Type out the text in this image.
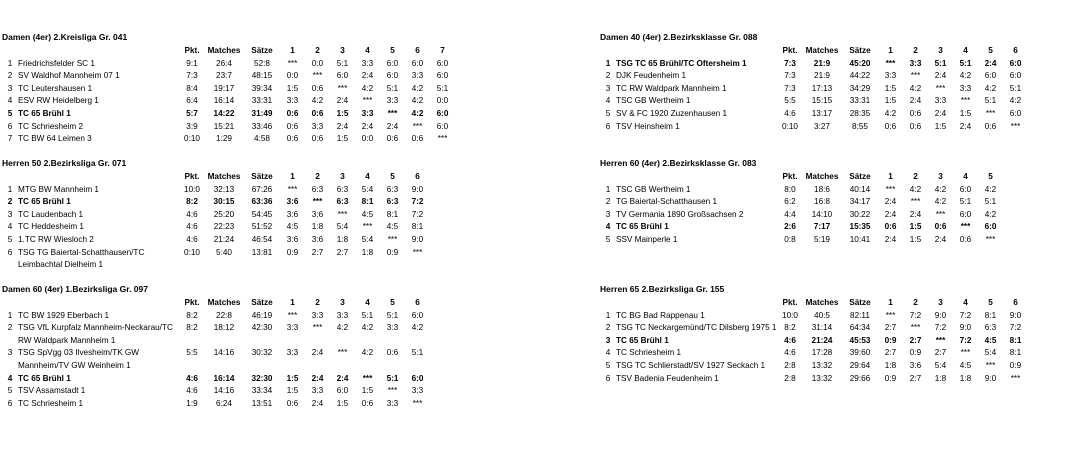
Damen (4er) 2.Kreisliga Gr. 041
		Pkt.	Matches	Sätze	1	2	3	4	5	6	7
1	Friedrichsfelder SC 1	9:1	26:4	52:8	***	0:0	5:1	3:3	6:0	6:0	6:0
2	SV Waldhof Mannheim 07 1	7:3	23:7	48:15	0:0	***	6:0	2:4	6:0	3:3	6:0
3	TC Leutershausen 1	8:4	19:17	39:34	1:5	0:6	***	4:2	5:1	4:2	5:1
4	ESV RW Heidelberg 1	6:4	16:14	33:31	3:3	4:2	2:4	***	3:3	4:2	0:0
5	TC 65 Brühl 1	5:7	14:22	31:49	0:6	0:6	1:5	3:3	***	4:2	6:0
6	TC Schriesheim 2	3:9	15:21	33:46	0:6	3:3	2:4	2:4	2:4	***	6:0
7	TC BW 64 Leimen 3	0:10	1:29	4:58	0:6	0:6	1:5	0:0	0:6	0:6	***
Herren 50 2.Bezirksliga Gr. 071
		Pkt.	Matches	Sätze	1	2	3	4	5	6
1	MTG BW Mannheim 1	10:0	32:13	67:26	***	6:3	6:3	5:4	6:3	9:0
2	TC 65 Brühl 1	8:2	30:15	63:36	3:6	***	6:3	8:1	6:3	7:2
3	TC Laudenbach 1	4:6	25:20	54:45	3:6	3:6	***	4:5	8:1	7:2
4	TC Heddesheim 1	4:6	22:23	51:52	4:5	1:8	5:4	***	4:5	8:1
5	1.TC RW Wiesloch 2	4:6	21:24	46:54	3:6	3:6	1:8	5:4	***	9:0
6	TSG TG Baiertal-Schatthausen/TC Leimbachtal Dielheim 1	0:10	5:40	13:81	0:9	2:7	2:7	1:8	0:9	***
Damen 60 (4er) 1.Bezirksliga Gr. 097
		Pkt.	Matches	Sätze	1	2	3	4	5	6
1	TC BW 1929 Eberbach 1	8:2	22:8	46:19	***	3:3	3:3	5:1	5:1	6:0
2	TSG VfL Kurpfalz Mannheim-Neckarau/TC RW Waldpark Mannheim 1	8:2	18:12	42:30	3:3	***	4:2	4:2	3:3	4:2
3	TSG SpVgg 03 Ilvesheim/TK GW Mannheim/TV GW Weinheim 1	5:5	14:16	30:32	3:3	2:4	***	4:2	0:6	5:1
4	TC 65 Brühl 1	4:6	16:14	32:30	1:5	2:4	2:4	***	5:1	6:0
5	TSV Assamstadt 1	4:6	14:16	33:34	1:5	3:3	6:0	1:5	***	3:3
6	TC Schriesheim 1	1:9	6:24	13:51	0:6	2:4	1:5	0:6	3:3	***
Damen 40 (4er) 2.Bezirksklasse Gr. 088
		Pkt.	Matches	Sätze	1	2	3	4	5	6
1	TSG TC 65 Brühl/TC Oftersheim 1	7:3	21:9	45:20	***	3:3	5:1	5:1	2:4	6:0
2	DJK Feudenheim 1	7:3	21:9	44:22	3:3	***	2:4	4:2	6:0	6:0
3	TC RW Waldpark Mannheim 1	7:3	17:13	34:29	1:5	4:2	***	3:3	4:2	5:1
4	TSC GB Wertheim 1	5:5	15:15	33:31	1:5	2:4	3:3	***	5:1	4:2
5	SV & FC 1920 Zuzenhausen 1	4:6	13:17	28:35	4:2	0:6	2:4	1:5	***	6:0
6	TSV Heinsheim 1	0:10	3:27	8:55	0:6	0:6	1:5	2:4	0:6	***
Herren 60 (4er) 2.Bezirksklasse Gr. 083
		Pkt.	Matches	Sätze	1	2	3	4	5
1	TSC GB Wertheim 1	8:0	18:6	40:14	***	4:2	4:2	6:0	4:2
2	TG Baiertal-Schatthausen 1	6:2	16:8	34:17	2:4	***	4:2	5:1	5:1
3	TV Germania 1890 Großsachsen 2	4:4	14:10	30:22	2:4	2:4	***	6:0	4:2
4	TC 65 Brühl 1	2:6	7:17	15:35	0:6	1:5	0:6	***	6:0
5	SSV Mainperle 1	0:8	5:19	10:41	2:4	1:5	2:4	0:6	***
Herren 65 2.Bezirksliga Gr. 155
		Pkt.	Matches	Sätze	1	2	3	4	5	6
1	TC BG Bad Rappenau 1	10:0	40:5	82:11	***	7:2	9:0	7:2	8:1	9:0
2	TSG TC Neckargemünd/TC Dilsberg 1975 1	8:2	31:14	64:34	2:7	***	7:2	9:0	6:3	7:2
3	TC 65 Brühl 1	4:6	21:24	45:53	0:9	2:7	***	7:2	4:5	8:1
4	TC Schriesheim 1	4:6	17:28	39:60	2:7	0:9	2:7	***	5:4	8:1
5	TSG TC Schlierstadt/SV 1927 Seckach 1	2:8	13:32	29:64	1:8	3:6	5:4	4:5	***	0:9
6	TSV Badenia Feudenheim 1	2:8	13:32	29:66	0:9	2:7	1:8	1:8	9:0	***
